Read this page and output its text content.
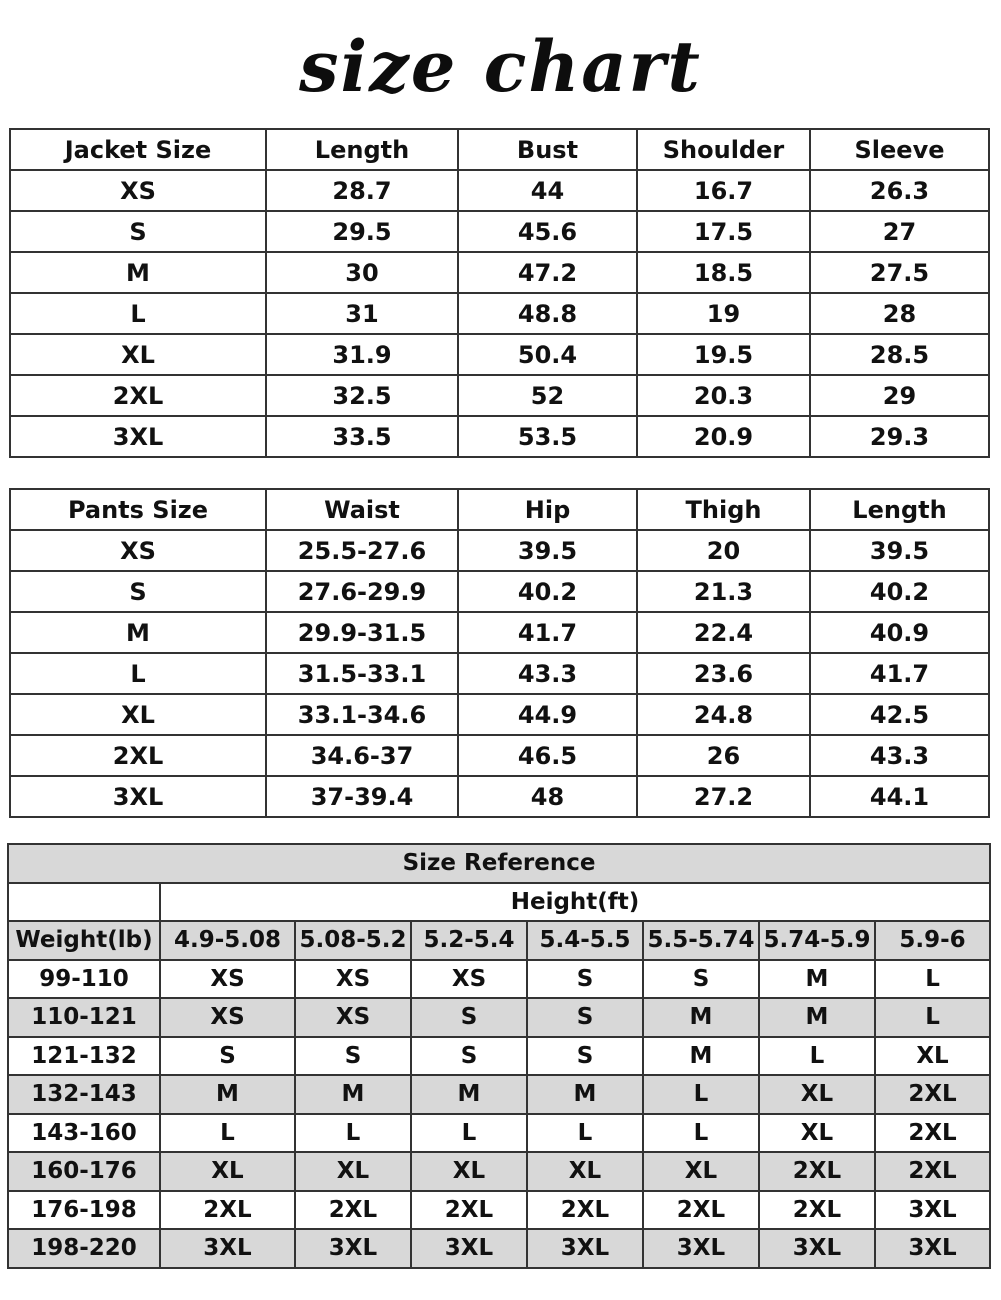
size chart
Jacket Size	Length	Bust	Shoulder	Sleeve
XS	28.7	44	16.7	26.3
S	29.5	45.6	17.5	27
M	30	47.2	18.5	27.5
L	31	48.8	19	28
XL	31.9	50.4	19.5	28.5
2XL	32.5	52	20.3	29
3XL	33.5	53.5	20.9	29.3
Pants Size	Waist	Hip	Thigh	Length
XS	25.5-27.6	39.5	20	39.5
S	27.6-29.9	40.2	21.3	40.2
M	29.9-31.5	41.7	22.4	40.9
L	31.5-33.1	43.3	23.6	41.7
XL	33.1-34.6	44.9	24.8	42.5
2XL	34.6-37	46.5	26	43.3
3XL	37-39.4	48	27.2	44.1
Size Reference							
	Height(ft)						
Weight(lb)	4.9-5.08	5.08-5.2	5.2-5.4	5.4-5.5	5.5-5.74	5.74-5.9	5.9-6
99-110	XS	XS	XS	S	S	M	L
110-121	XS	XS	S	S	M	M	L
121-132	S	S	S	S	M	L	XL
132-143	M	M	M	M	L	XL	2XL
143-160	L	L	L	L	L	XL	2XL
160-176	XL	XL	XL	XL	XL	2XL	2XL
176-198	2XL	2XL	2XL	2XL	2XL	2XL	3XL
198-220	3XL	3XL	3XL	3XL	3XL	3XL	3XL
